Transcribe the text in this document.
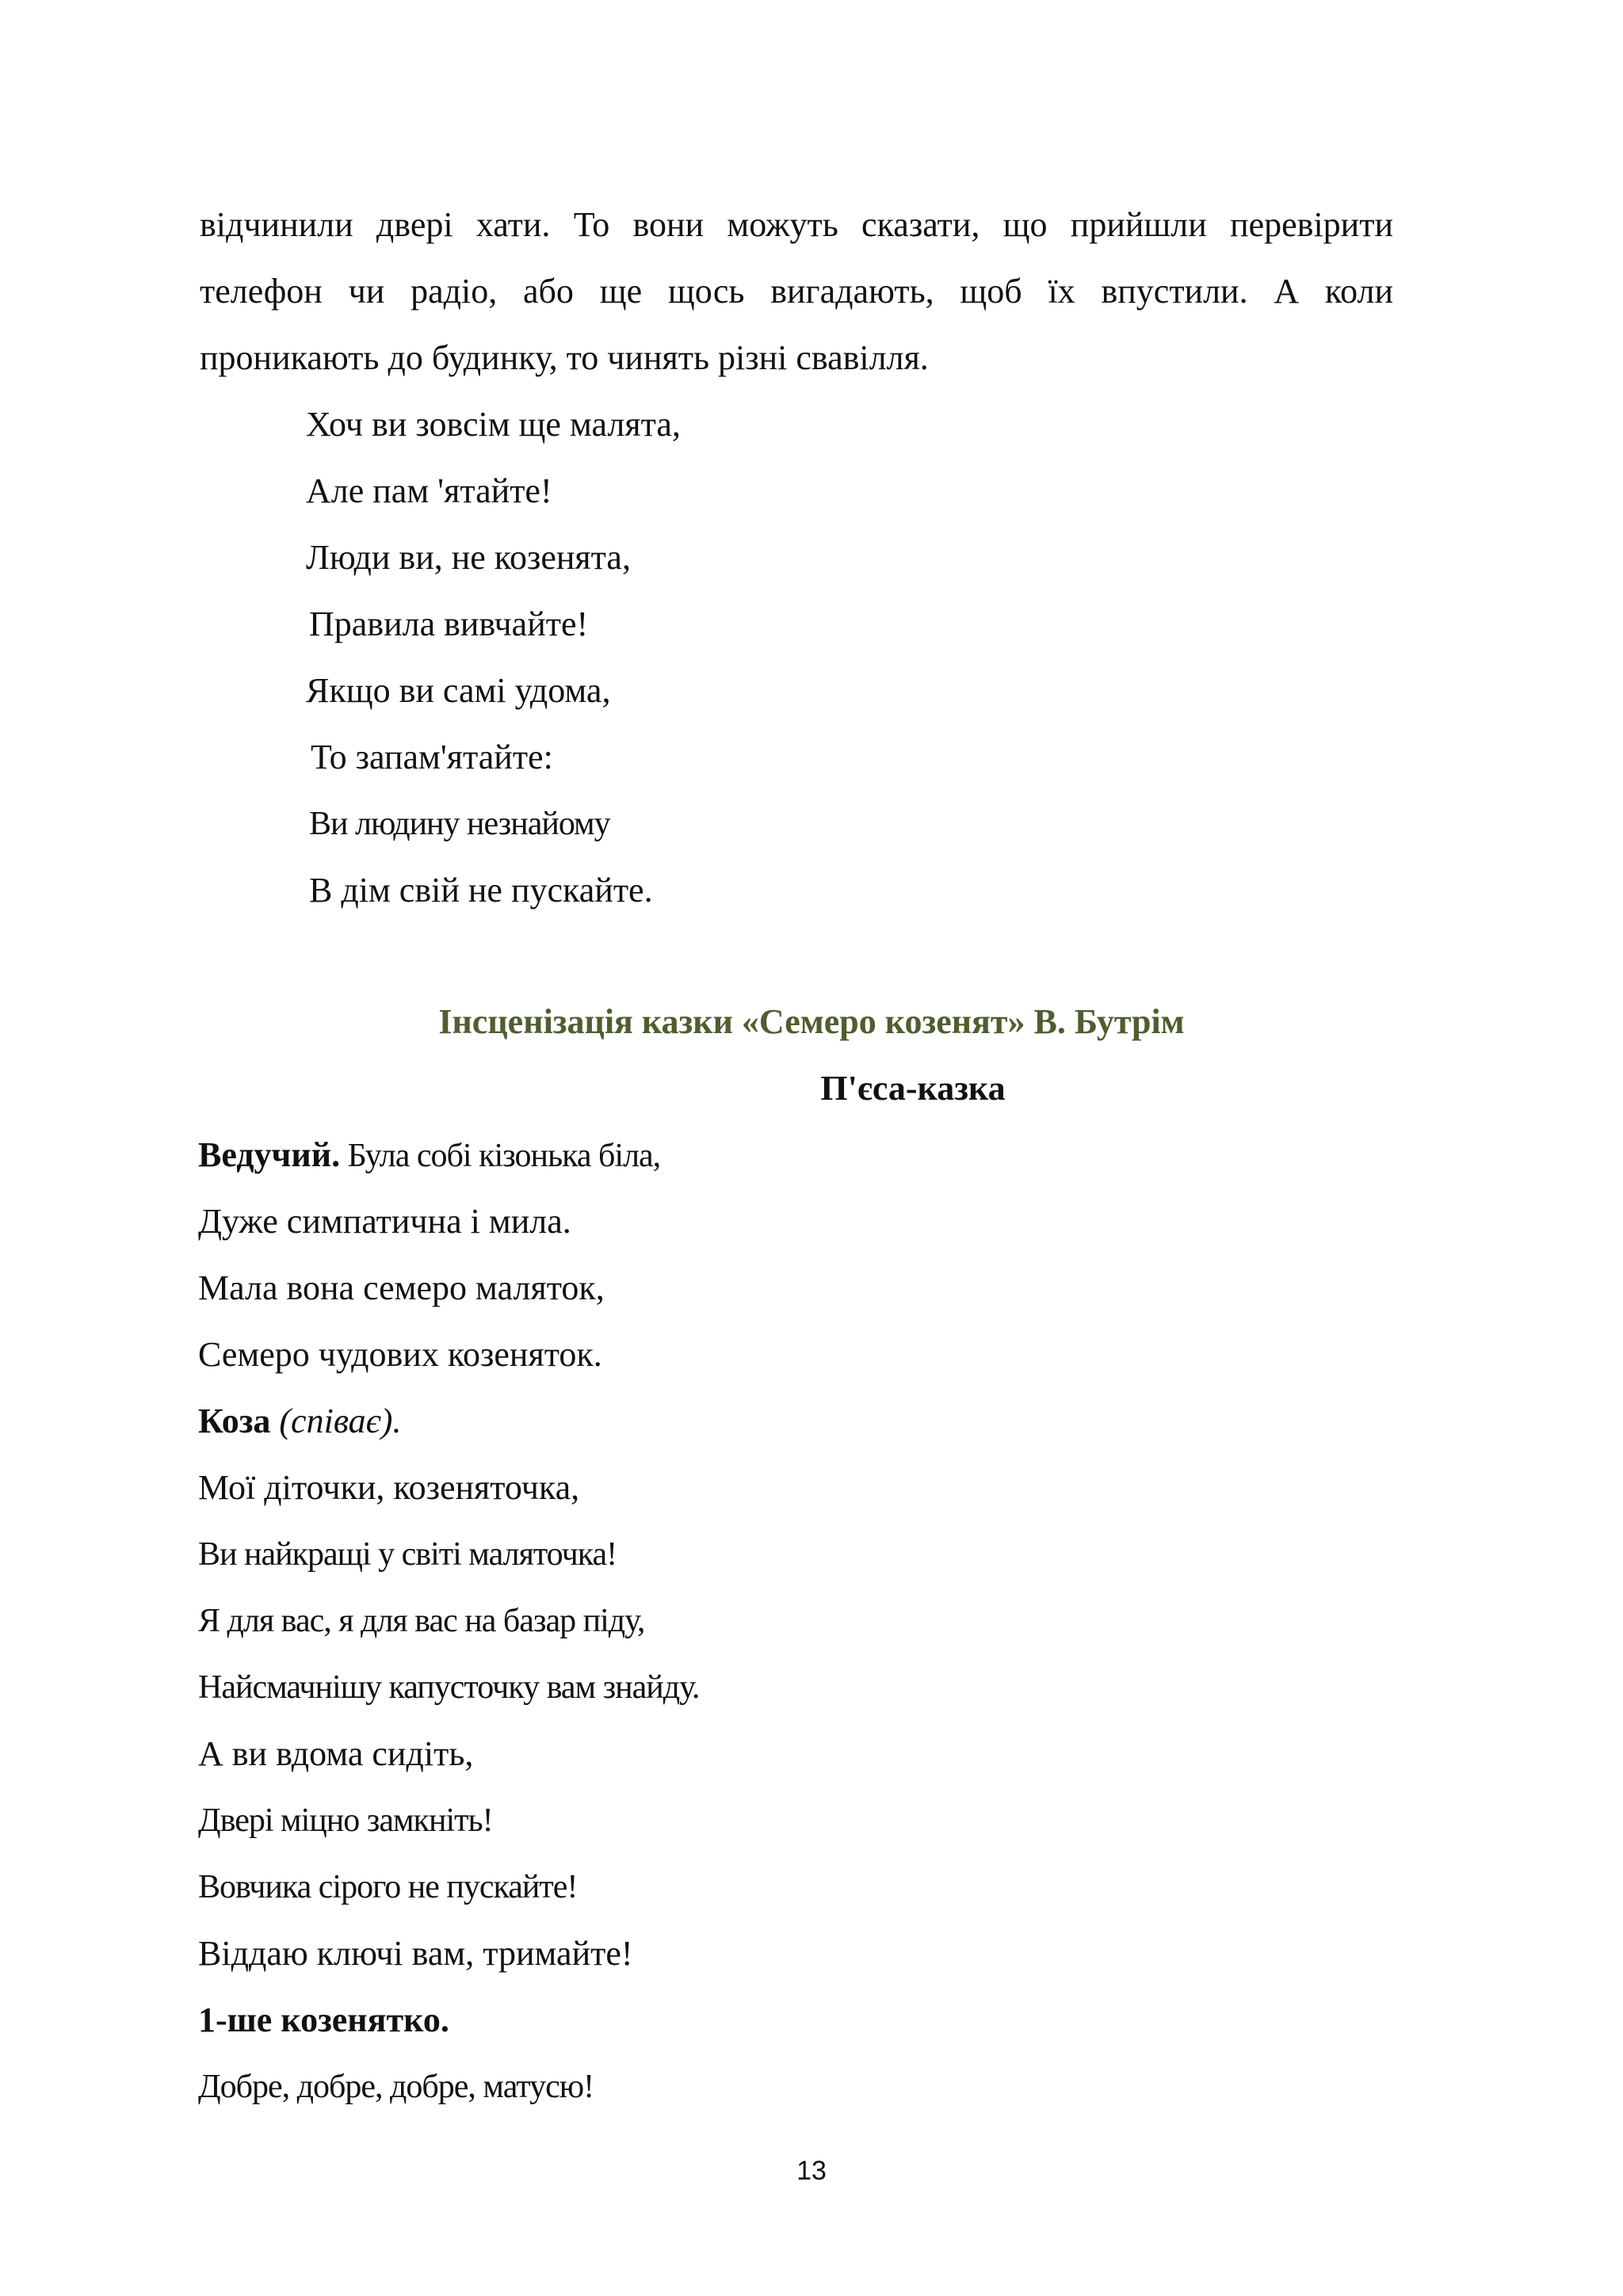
відчинили двері хати. То вони можуть сказати, що прийшли перевірити
телефон чи радіо, або ще щось вигадають, щоб їх впустили. А коли
проникають до будинку, то чинять різні свавілля.
Хоч ви зовсім ще малята,
Але пам 'ятайте!
Люди ви, не козенята,
Правила вивчайте!
Якщо ви самі удома,
То запам'ятайте:
Ви людину незнайому
В дім свій не пускайте.
Інсценізація казки «Семеро козенят» В. Бутрім
П'єса-казка
Ведучий. Була собі кізонька біла,
Дуже симпатична і мила.
Мала вона семеро маляток,
Семеро чудових козеняток.
Коза (співає).
Мої діточки, козеняточка,
Ви найкращі у світі маляточка!
Я для вас, я для вас на базар піду,
Найсмачнішу капусточку вам знайду.
А ви вдома сидіть,
Двері міцно замкніть!
Вовчика сірого не пускайте!
Віддаю ключі вам, тримайте!
1-ше козенятко.
Добре, добре, добре, матусю!
13
